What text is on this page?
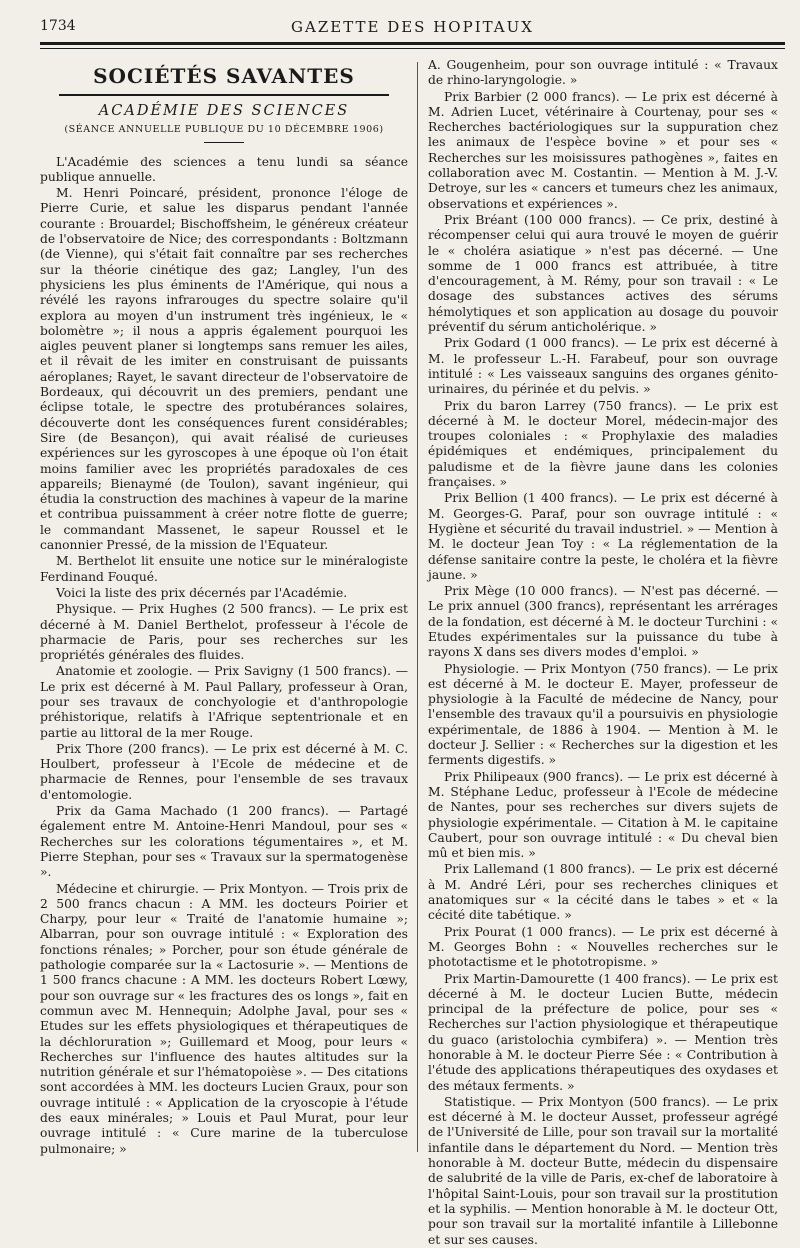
1734	GAZETTE DES HOPITAUX
SOCIÉTÉS SAVANTES
ACADÉMIE DES SCIENCES
(SÉANCE ANNUELLE PUBLIQUE DU 10 DÉCEMBRE 1906)

L'Académie des sciences a tenu lundi sa séance publique annuelle.

M. Henri Poincaré, président, prononce l'éloge de Pierre Curie, et salue les disparus pendant l'année courante : Brouardel; Bischoffsheim, le généreux créateur de l'observatoire de Nice; des correspondants : Boltzmann (de Vienne), qui s'était fait connaître par ses recherches sur la théorie cinétique des gaz; Langley, l'un des physiciens les plus éminents de l'Amérique, qui nous a révélé les rayons infrarouges du spectre solaire qu'il explora au moyen d'un instrument très ingénieux, le « bolomètre »; il nous a appris également pourquoi les aigles peuvent planer si longtemps sans remuer les ailes, et il rêvait de les imiter en construisant de puissants aéroplanes; Rayet, le savant directeur de l'observatoire de Bordeaux, qui découvrit un des premiers, pendant une éclipse totale, le spectre des protubérances solaires, découverte dont les conséquences furent considérables; Sire (de Besançon), qui avait réalisé de curieuses expériences sur les gyroscopes à une époque où l'on était moins familier avec les propriétés paradoxales de ces appareils; Bienaymé (de Toulon), savant ingénieur, qui étudia la construction des machines à vapeur de la marine et contribua puissamment à créer notre flotte de guerre; le commandant Massenet, le sapeur Roussel et le canonnier Pressé, de la mission de l'Equateur.

M. Berthelot lit ensuite une notice sur le minéralogiste Ferdinand Fouqué.

Voici la liste des prix décernés par l'Académie.

Physique. — Prix Hughes (2 500 francs). — Le prix est décerné à M. Daniel Berthelot, professeur à l'école de pharmacie de Paris, pour ses recherches sur les propriétés générales des fluides.

Anatomie et zoologie. — Prix Savigny (1 500 francs). — Le prix est décerné à M. Paul Pallary, professeur à Oran, pour ses travaux de conchyologie et d'anthropologie préhistorique, relatifs à l'Afrique septentrionale et en partie au littoral de la mer Rouge.

Prix Thore (200 francs). — Le prix est décerné à M. C. Houlbert, professeur à l'Ecole de médecine et de pharmacie de Rennes, pour l'ensemble de ses travaux d'entomologie.

Prix da Gama Machado (1 200 francs). — Partagé également entre M. Antoine-Henri Mandoul, pour ses « Recherches sur les colorations tégumentaires », et M. Pierre Stephan, pour ses « Travaux sur la spermatogenèse ».

Médecine et chirurgie. — Prix Montyon. — Trois prix de 2 500 francs chacun : A MM. les docteurs Poirier et Charpy, pour leur « Traité de l'anatomie humaine »; Albarran, pour son ouvrage intitulé : « Exploration des fonctions rénales; » Porcher, pour son étude générale de pathologie comparée sur la « Lactosurie ». — Mentions de 1 500 francs chacune : A MM. les docteurs Robert Lœwy, pour son ouvrage sur « les fractures des os longs », fait en commun avec M. Hennequin; Adolphe Javal, pour ses « Etudes sur les effets physiologiques et thérapeutiques de la déchloruration »; Guillemard et Moog, pour leurs « Recherches sur l'influence des hautes altitudes sur la nutrition générale et sur l'hématopoièse ». — Des citations sont accordées à MM. les docteurs Lucien Graux, pour son ouvrage intitulé : « Application de la cryoscopie à l'étude des eaux minérales; » Louis et Paul Murat, pour leur ouvrage intitulé : « Cure marine de la tuberculose pulmonaire; »

A. Gougenheim, pour son ouvrage intitulé : « Travaux de rhino-laryngologie. »

Prix Barbier (2 000 francs). — Le prix est décerné à M. Adrien Lucet, vétérinaire à Courtenay, pour ses « Recherches bactériologiques sur la suppuration chez les animaux de l'espèce bovine » et pour ses « Recherches sur les moisissures pathogènes », faites en collaboration avec M. Costantin. — Mention à M. J.-V. Detroye, sur les « cancers et tumeurs chez les animaux, observations et expériences ».

Prix Bréant (100 000 francs). — Ce prix, destiné à récompenser celui qui aura trouvé le moyen de guérir le « choléra asiatique » n'est pas décerné. — Une somme de 1 000 francs est attribuée, à titre d'encouragement, à M. Rémy, pour son travail : « Le dosage des substances actives des sérums hémolytiques et son application au dosage du pouvoir préventif du sérum anticholérique. »

Prix Godard (1 000 francs). — Le prix est décerné à M. le professeur L.-H. Farabeuf, pour son ouvrage intitulé : « Les vaisseaux sanguins des organes génito-urinaires, du périnée et du pelvis. »

Prix du baron Larrey (750 francs). — Le prix est décerné à M. le docteur Morel, médecin-major des troupes coloniales : « Prophylaxie des maladies épidémiques et endémiques, principalement du paludisme et de la fièvre jaune dans les colonies françaises. »

Prix Bellion (1 400 francs). — Le prix est décerné à M. Georges-G. Paraf, pour son ouvrage intitulé : « Hygiène et sécurité du travail industriel. » — Mention à M. le docteur Jean Toy : « La réglementation de la défense sanitaire contre la peste, le choléra et la fièvre jaune. »

Prix Mège (10 000 francs). — N'est pas décerné. — Le prix annuel (300 francs), représentant les arrérages de la fondation, est décerné à M. le docteur Turchini : « Etudes expérimentales sur la puissance du tube à rayons X dans ses divers modes d'emploi. »

Physiologie. — Prix Montyon (750 francs). — Le prix est décerné à M. le docteur E. Mayer, professeur de physiologie à la Faculté de médecine de Nancy, pour l'ensemble des travaux qu'il a poursuivis en physiologie expérimentale, de 1886 à 1904. — Mention à M. le docteur J. Sellier : « Recherches sur la digestion et les ferments digestifs. »

Prix Philipeaux (900 francs). — Le prix est décerné à M. Stéphane Leduc, professeur à l'Ecole de médecine de Nantes, pour ses recherches sur divers sujets de physiologie expérimentale. — Citation à M. le capitaine Caubert, pour son ouvrage intitulé : « Du cheval bien mû et bien mis. »

Prix Lallemand (1 800 francs). — Le prix est décerné à M. André Léri, pour ses recherches cliniques et anatomiques sur « la cécité dans le tabes » et « la cécité dite tabétique. »

Prix Pourat (1 000 francs). — Le prix est décerné à M. Georges Bohn : « Nouvelles recherches sur le phototactisme et le phototropisme. »

Prix Martin-Damourette (1 400 francs). — Le prix est décerné à M. le docteur Lucien Butte, médecin principal de la préfecture de police, pour ses « Recherches sur l'action physiologique et thérapeutique du guaco (aristolochia cymbifera) ». — Mention très honorable à M. le docteur Pierre Sée : « Contribution à l'étude des applications thérapeutiques des oxydases et des métaux ferments. »

Statistique. — Prix Montyon (500 francs). — Le prix est décerné à M. le docteur Ausset, professeur agrégé de l'Université de Lille, pour son travail sur la mortalité infantile dans le département du Nord. — Mention très honorable à M. docteur Butte, médecin du dispensaire de salubrité de la ville de Paris, ex-chef de laboratoire à l'hôpital Saint-Louis, pour son travail sur la prostitution et la syphilis. — Mention honorable à M. le docteur Ott, pour son travail sur la mortalité infantile à Lillebonne et sur ses causes.
